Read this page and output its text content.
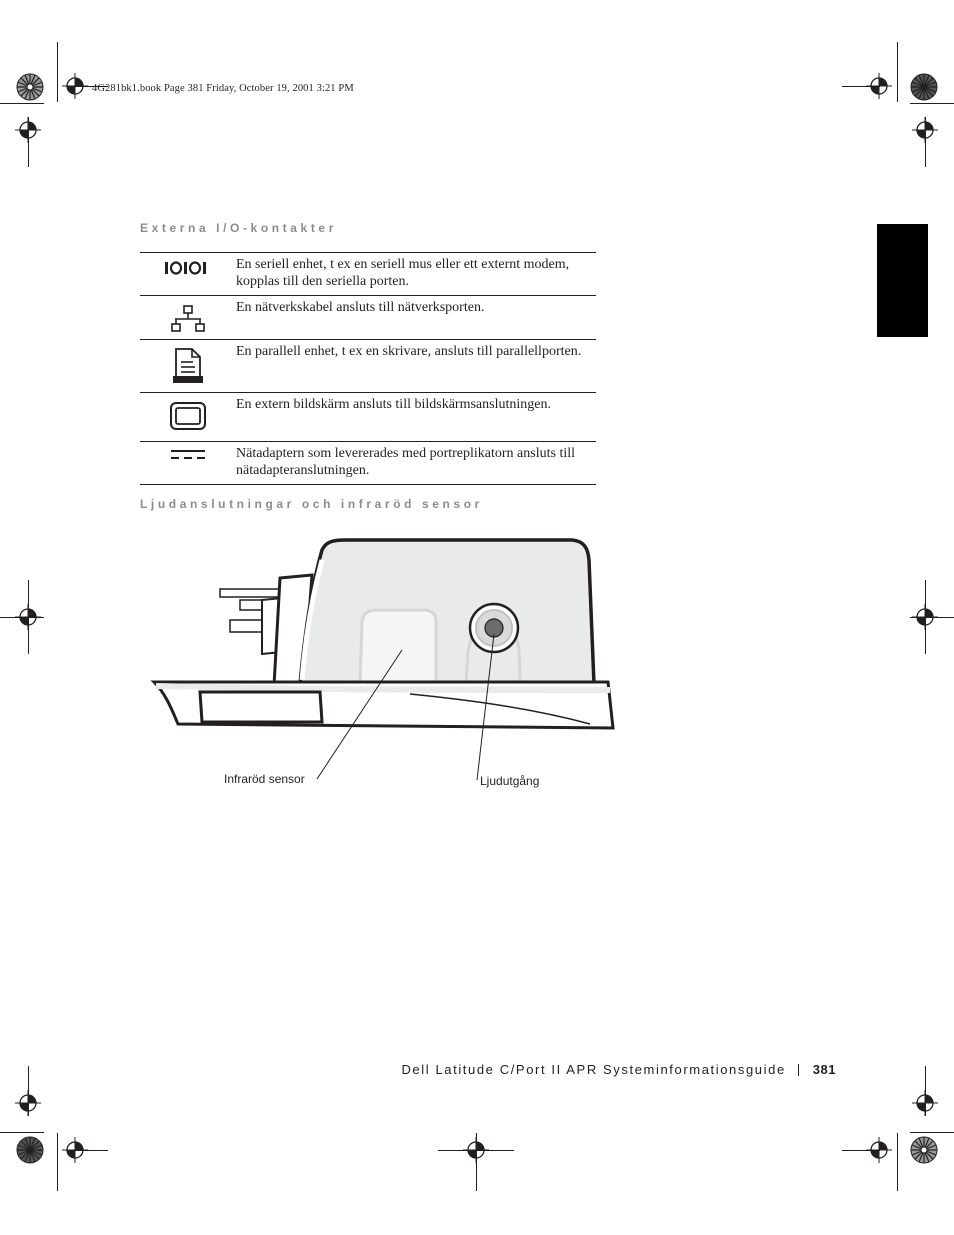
4G281bk1.book Page 381 Friday, October 19, 2001 3:21 PM
Externa I/O-kontakter
En seriell enhet, t ex en seriell mus eller ett externt modem, kopplas till den seriella porten.
En nätverkskabel ansluts till nätverksporten.
En parallell enhet, t ex en skrivare, ansluts till parallellporten.
En extern bildskärm ansluts till bildskärmsanslutningen.
Nätadaptern som levererades med portreplikatorn ansluts till nätadapteranslutningen.
Ljudanslutningar och infraröd sensor
Infraröd sensor	Ljudutgång
Dell Latitude C/Port II APR Systeminformationsguide 381
